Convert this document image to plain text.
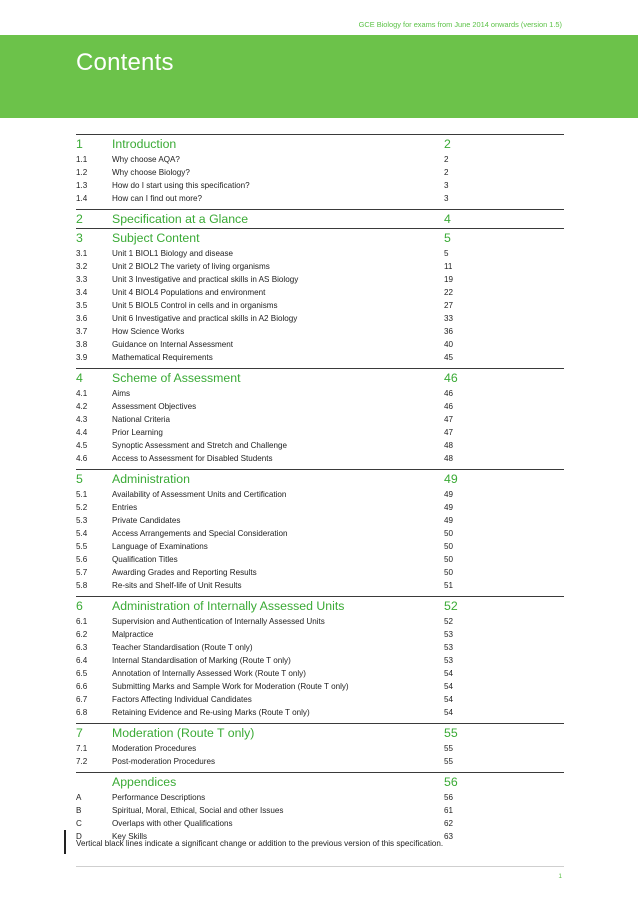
GCE Biology for exams from June 2014 onwards (version 1.5)
Contents
1	Introduction	2
1.1	Why choose AQA?	2
1.2	Why choose Biology?	2
1.3	How do I start using this specification?	3
1.4	How can I find out more?	3
2	Specification at a Glance	4
3	Subject Content	5
3.1	Unit 1 BIOL1 Biology and disease	5
3.2	Unit 2 BIOL2 The variety of living organisms	11
3.3	Unit 3 Investigative and practical skills in AS Biology	19
3.4	Unit 4 BIOL4 Populations and environment	22
3.5	Unit 5 BIOL5 Control in cells and in organisms	27
3.6	Unit 6 Investigative and practical skills in A2 Biology	33
3.7	How Science Works	36
3.8	Guidance on Internal Assessment	40
3.9	Mathematical Requirements	45
4	Scheme of Assessment	46
4.1	Aims	46
4.2	Assessment Objectives	46
4.3	National Criteria	47
4.4	Prior Learning	47
4.5	Synoptic Assessment and Stretch and Challenge	48
4.6	Access to Assessment for Disabled Students	48
5	Administration	49
5.1	Availability of Assessment Units and Certification	49
5.2	Entries	49
5.3	Private Candidates	49
5.4	Access Arrangements and Special Consideration	50
5.5	Language of Examinations	50
5.6	Qualification Titles	50
5.7	Awarding Grades and Reporting Results	50
5.8	Re-sits and Shelf-life of Unit Results	51
6	Administration of Internally Assessed Units	52
6.1	Supervision and Authentication of Internally Assessed Units	52
6.2	Malpractice	53
6.3	Teacher Standardisation (Route T only)	53
6.4	Internal Standardisation of Marking (Route T only)	53
6.5	Annotation of Internally Assessed Work (Route T only)	54
6.6	Submitting Marks and Sample Work for Moderation (Route T only)	54
6.7	Factors Affecting Individual Candidates	54
6.8	Retaining Evidence and Re-using Marks (Route T only)	54
7	Moderation (Route T only)	55
7.1	Moderation Procedures	55
7.2	Post-moderation Procedures	55
Appendices	56
A	Performance Descriptions	56
B	Spiritual, Moral, Ethical, Social and other Issues	61
C	Overlaps with other Qualifications	62
D	Key Skills	63
Vertical black lines indicate a significant change or addition to the previous version of this specification.
1
